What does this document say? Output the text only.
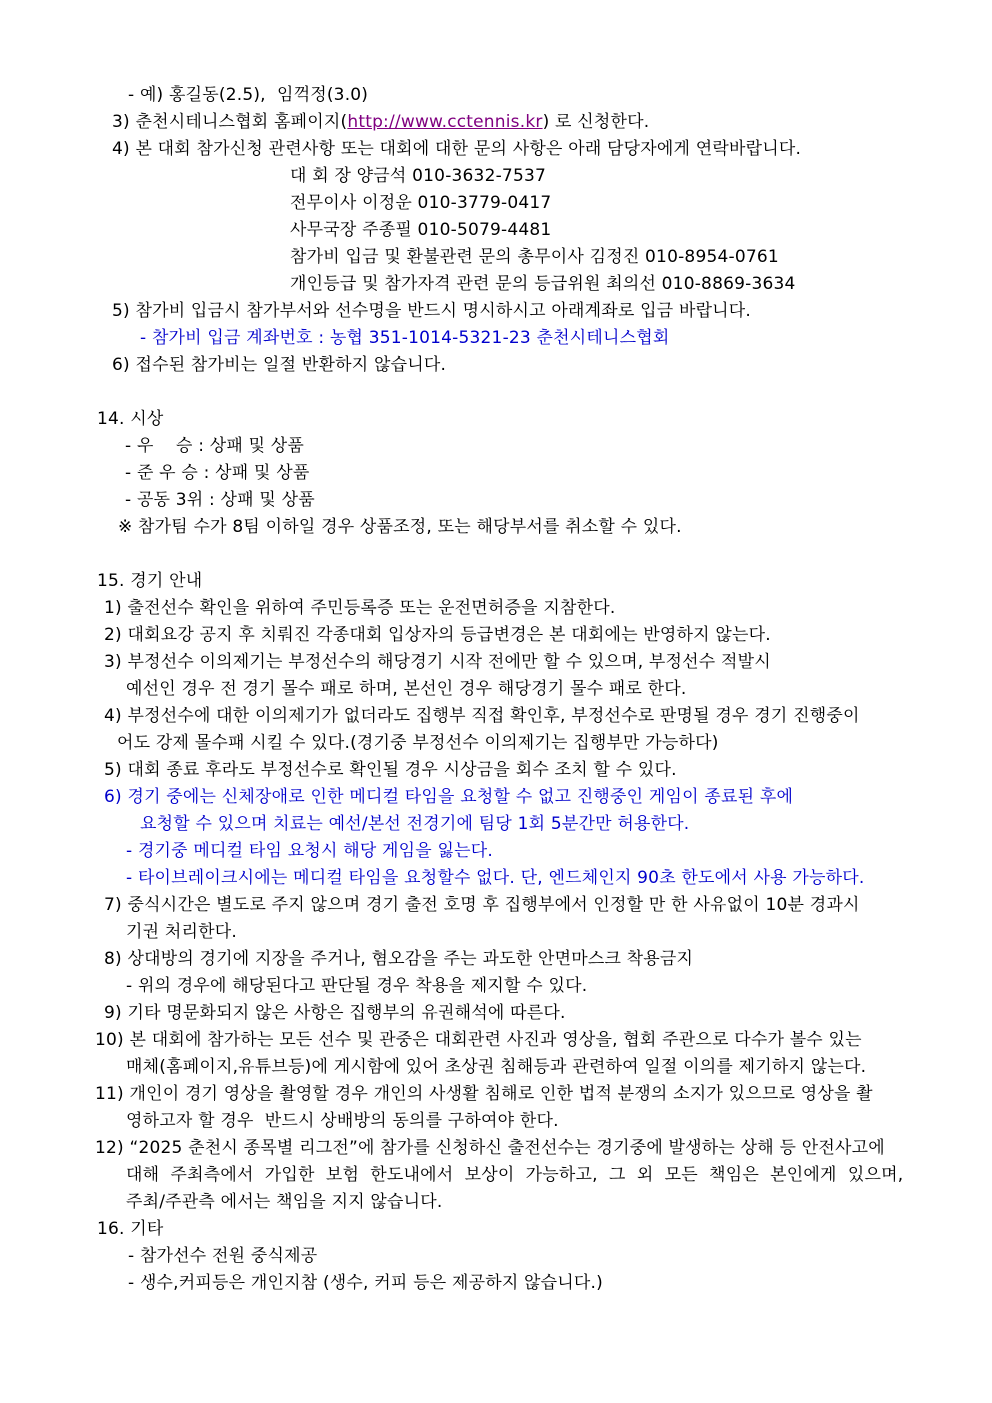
- 예) 홍길동(2.5),  임꺽정(3.0)
3) 춘천시테니스협회 홈페이지(http://www.cctennis.kr) 로 신청한다.
4) 본 대회 참가신청 관련사항 또는 대회에 대한 문의 사항은 아래 담당자에게 연락바랍니다.
대 회 장 양금석 010-3632-7537
전무이사 이정운 010-3779-0417
사무국장 주종필 010-5079-4481
참가비 입금 및 환불관련 문의 총무이사 김정진 010-8954-0761
개인등급 및 참가자격 관련 문의 등급위원 최의선 010-8869-3634
5) 참가비 입금시 참가부서와 선수명을 반드시 명시하시고 아래계좌로 입금 바랍니다.
- 참가비 입금 계좌번호 : 농협 351-1014-5321-23 춘천시테니스협회
6) 접수된 참가비는 일절 반환하지 않습니다.
14. 시상
- 우    승 : 상패 및 상품
- 준 우 승 : 상패 및 상품
- 공동 3위 : 상패 및 상품
※ 참가팀 수가 8팀 이하일 경우 상품조정, 또는 해당부서를 취소할 수 있다.
15. 경기 안내
1) 출전선수 확인을 위하여 주민등록증 또는 운전면허증을 지참한다.
2) 대회요강 공지 후 치뤄진 각종대회 입상자의 등급변경은 본 대회에는 반영하지 않는다.
3) 부정선수 이의제기는 부정선수의 해당경기 시작 전에만 할 수 있으며, 부정선수 적발시
예선인 경우 전 경기 몰수 패로 하며, 본선인 경우 해당경기 몰수 패로 한다.
4) 부정선수에 대한 이의제기가 없더라도 집행부 직접 확인후, 부정선수로 판명될 경우 경기 진행중이
어도 강제 몰수패 시킬 수 있다.(경기중 부정선수 이의제기는 집행부만 가능하다)
5) 대회 종료 후라도 부정선수로 확인될 경우 시상금을 회수 조치 할 수 있다.
6) 경기 중에는 신체장애로 인한 메디컬 타임을 요청할 수 없고 진행중인 게임이 종료된 후에
요청할 수 있으며 치료는 예선/본선 전경기에 팀당 1회 5분간만 허용한다.
- 경기중 메디컬 타임 요청시 해당 게임을 잃는다.
- 타이브레이크시에는 메디컬 타임을 요청할수 없다. 단, 엔드체인지 90초 한도에서 사용 가능하다.
7) 중식시간은 별도로 주지 않으며 경기 출전 호명 후 집행부에서 인정할 만 한 사유없이 10분 경과시
기권 처리한다.
8) 상대방의 경기에 지장을 주거나, 혐오감을 주는 과도한 안면마스크 착용금지
- 위의 경우에 해당된다고 판단될 경우 착용을 제지할 수 있다.
9) 기타 명문화되지 않은 사항은 집행부의 유권해석에 따른다.
10) 본 대회에 참가하는 모든 선수 및 관중은 대회관련 사진과 영상을, 협회 주관으로 다수가 볼수 있는
매체(홈페이지,유튜브등)에 게시함에 있어 초상권 침해등과 관련하여 일절 이의를 제기하지 않는다.
11) 개인이 경기 영상을 촬영할 경우 개인의 사생활 침해로 인한 법적 분쟁의 소지가 있으므로 영상을 촬
영하고자 할 경우  반드시 상배방의 동의를 구하여야 한다.
12) “2025 춘천시 종목별 리그전”에 참가를 신청하신 출전선수는 경기중에 발생하는 상해 등 안전사고에
대해  주최측에서  가입한  보험  한도내에서  보상이  가능하고,  그  외  모든  책임은  본인에게  있으며,
주최/주관측 에서는 책임을 지지 않습니다.
16. 기타
- 참가선수 전원 중식제공
- 생수,커피등은 개인지참 (생수, 커피 등은 제공하지 않습니다.)
